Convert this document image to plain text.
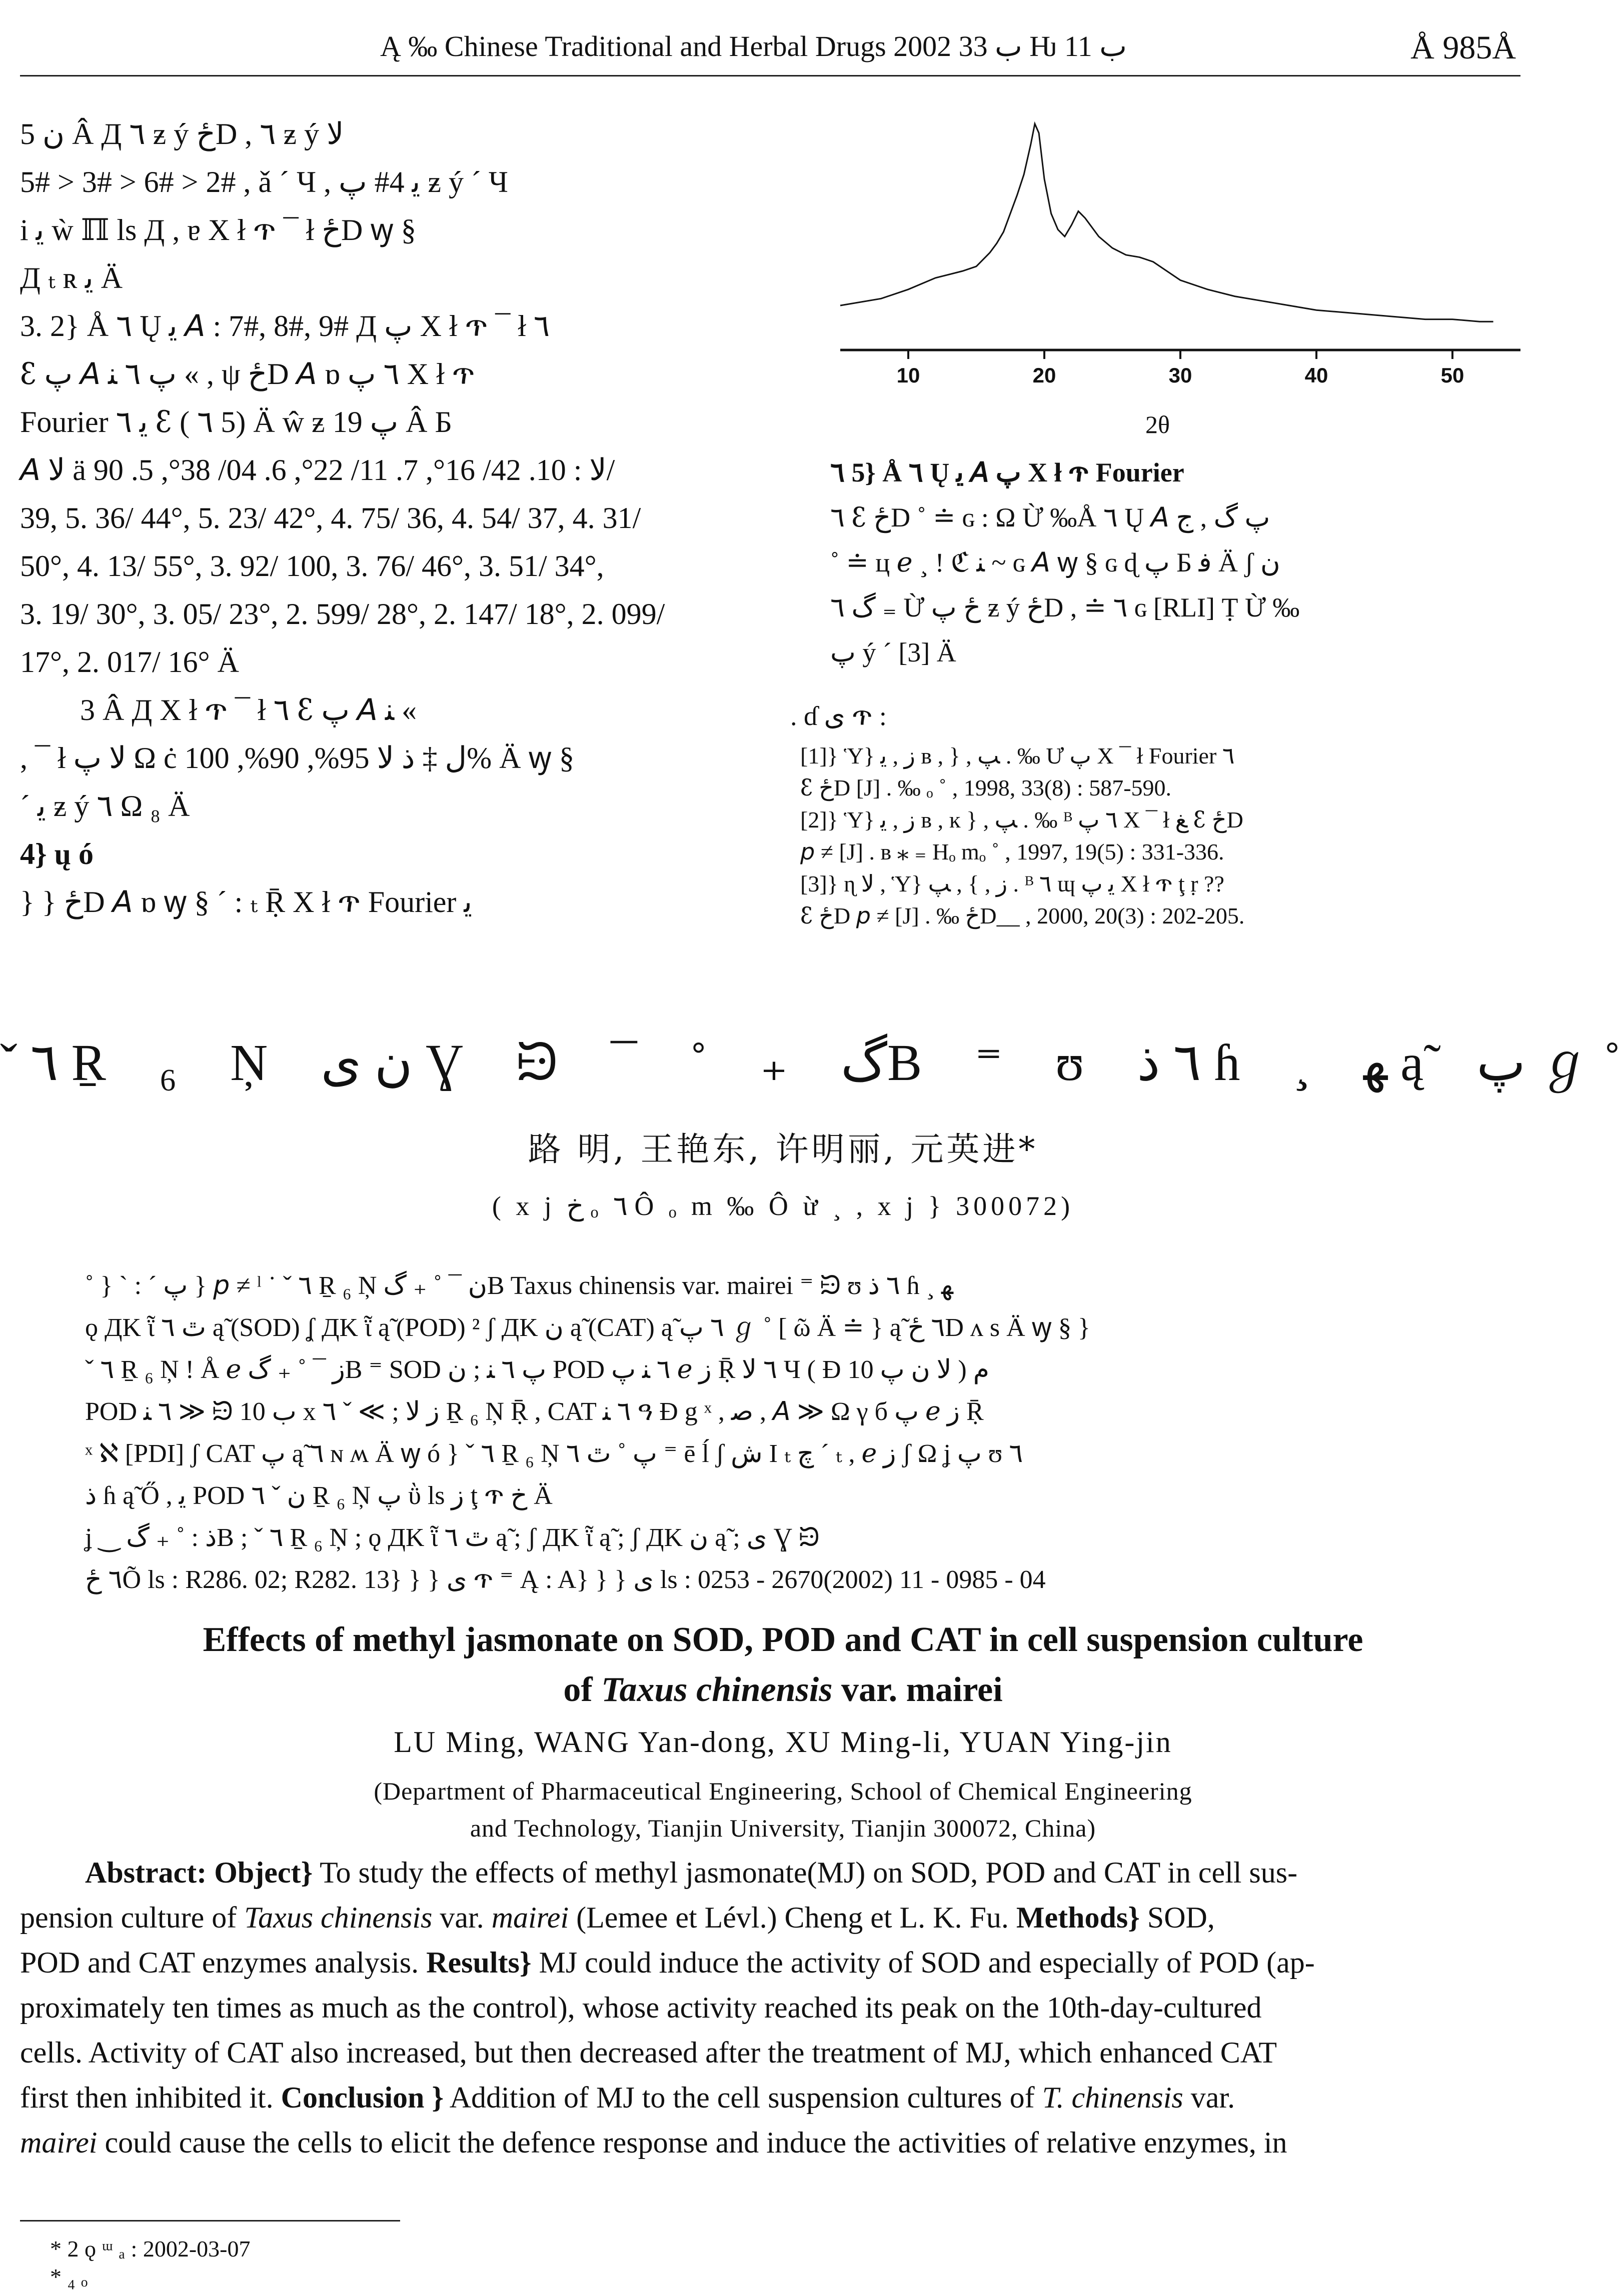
Ą ‰ Chinese Traditional and Herbal Drugs 2002 ب 33 Ƕ ب 11	Å 985Å

ن 5 Â Д ٦ ƶ ý ځD , ٦ ƶ ý ﻻ

5# > 3# > 6# > 2# , ǎ ´ Ч , ﯾ 4# ﭖ ƶ ý ´ Ч

i ﯾ ẁ ℿ ls Д , ɐ X ł ጥ ¯ ł ځD ꝡ §

Д ₜ ʀ ﯾ Ä

3. 2} Å ٦ Ų ﯾ 𝘈 : 7#, 8#, 9# Д ﭖ X ł ጥ ¯ ł ٦

ꜫ ﭖ 𝘈 ﭖ ٦ ﻨ « , ψ ځD 𝘈 ɒ ٦ ﭖ X ł ጥ

Fourier ﯾ ٦ ꜫ ( ٦ 5) Ä ŵ ƶ ﭖ 19 Â Б

𝘈 ﻻ ä ﻻ : 10. 42/ 16°, 7. 11/ 22°, 6. 04/ 38°, 5. 90/

39, 5. 36/ 44°, 5. 23/ 42°, 4. 75/ 36, 4. 54/ 37, 4. 31/

50°, 4. 13/ 55°, 3. 92/ 100, 3. 76/ 46°, 3. 51/ 34°,

3. 19/ 30°, 3. 05/ 23°, 2. 599/ 28°, 2. 147/ 18°, 2. 099/

17°, 2. 017/ 16° Ä

3 Â Д X ł ጥ ¯ ł ٦ ꜫ ﭖ 𝘈 ﻨ «

, ¯ ł ﻻ ﭖ Ω ċ ل ‡ ﺫ ﻻ 95%, 90%, 100% Ä ꝡ §

´ ﯾ ƶ ý ٦ Ω ₈ Ä

4} ų ó

} } ځD 𝘈 ɒ ꝡ § ´ : ₜ Ṝ X ł ጥ Fourier ﯾ

10	20	30	40	50
2θ

٦ 5} Å ٦ Ų ﯾ 𝘈 ﭖ X ł ጥ Fourier

٦ ꜫ ځD ˚ ≐ ɢ : Ω Ừ ‰Å ٦ Ų 𝘈 ﭖ گ , ج

˚ ≐ ц ℯ ¸ ! ℭ ﻨ ~ ɢ 𝘈 ꝡ § ɢ ɖ ﭖ Б ﻓ Ä ʃ ن

گ ٦ ₌ Ừ ځ ﭖ ƶ ý ځD , ≐ ٦ ɢ [RLI] Ṭ Ừ ‰

ﭖ ý ´ [3] Ä

. ɗ ى ጥ :

[1]} Ὑ} ﺯ , ﯾ ʙ , } , ﭗ . ‰ Ư ﭖ X ¯ ł Fourier ٦

ꜫ ځD [J] . ‰ ₒ ˚ , 1998, 33(8) : 587-590.

[2]} Ὑ} ﺯ , ﯾ ʙ , ĸ } , ﭗ . ‰ ᴮ ٦ ﭖ X ¯ ł ﻎ ꜫ ځD

𝘱 ≠ [J] . ʙ ⁎ ₌ Hₒ mₒ ˚ , 1997, 19(5) : 331-336.

[3]} ɳ ﻻ , Ὑ} ﺯ , } , ﭗ . ᴮ ٦ ɰ ﯾ ﭖ X ł ጥ ţ ṛ ??

ꜫ ځD 𝘱 ≠ [J] . ‰ ځD__ , 2000, 20(3) : 202-205.

ˇ ٦ Ṟ ₆ Ņ ن ى Ɣ ᙌ ¯ ˚ ₊ گB ⁼ ʊ ٦ ﺫ ɦ ¸ ﻬ ą̃ ﭖ ℊ ˚
路 明, 王艳东, 许明丽, 元英进*
( x j خ ₒ ٦ Ô ₒ m ‰ Ô ừ ¸ , x j } 300072)

˚ } ` : ˊ ﭖ } 𝘱 ≠ ˡ ˙ ˇ ٦ Ṟ ₆ Ņ ن ¯ ˚ ₊ گB Taxus chinensis var. mairei ⁼ ᙌ ʊ ٦ ﺫ ɦ ¸ ﻬ

ǫ ДK ῗ ٿ ٦ ą̃ (SOD) ʆ ДK ῗ ą̃ (POD) ² ʃ ДK ن ą̃ (CAT) ą̃ ٦ ﭖ ℊ ˚ [ ῶ Ä ≐ } ą̃ ٦ ځD ʌ s Ä ꝡ § }

ˇ ٦ Ṟ ₆ Ņ ! Å ℯ ﺯ ¯ ˚ ₊ گB ⁼ SOD ﭖ ٦ ﻨ ; ن POD ٦ ﻨ ﭖ ℯ ﺯ Ṝ ٦ ﻻ Ч ( Ð ﻻ ن ﭖ 10 ) م

POD ٦ ﻨ ≫ ᙌ ب 10 x ﺯ ﻻ ; ≫ ˇ ٦ Ṟ ₆ Ņ Ṝ , CAT ٦ ﻨ ዓ Ɖ g ˣ , ﺻ , 𝘈 ≫ Ω γ б ﭖ ℯ ﺯ Ṝ

ˣ ℵ [PDI] ʃ CAT ﭖ ą̃ ٦ ɴ ʍ Ä ꝡ ó } ˇ ٦ Ṟ ₆ Ņ ﭖ ˚ ٿ ٦ ⁼ ē ĺ ʃ ﺵ I ₜ چ ´ ₜ , ℯ ﺯ ʃ Ω ʝ ﭖ ʊ ٦

ﺫ ɦ ą̃ Ő , ﯾ POD ن ˇ ٦ Ṟ ₆ Ņ ﭖ ῢ ls ﺯ ţ ጥ خ Ä

ʝ ‿ ﺫ : ˚ ₊ گB ; ˇ ٦ Ṟ ₆ Ņ ; ǫ ДK ῗ ٿ ٦ ą̃ ; ʃ ДK ῗ ą̃ ; ʃ ДK ن ą̃ ; ى Ɣ ᙌ

٦ ځÕ ls : R286. 02; R282. 13} } } ى ጥ ⁼ Ą : A} } } ى ls : 0253 - 2670(2002) 11 - 0985 - 04

Effects of methyl jasmonate on SOD, POD and CAT in cell suspension culture
of Taxus chinensis var. mairei
LU Ming, WANG Yan-dong, XU Ming-li, YUAN Ying-jin
(Department of Pharmaceutical Engineering, School of Chemical Engineering
and Technology, Tianjin University, Tianjin 300072, China)

Abstract: Object} To study the effects of methyl jasmonate(MJ) on SOD, POD and CAT in cell sus-

pension culture of Taxus chinensis var. mairei (Lemee et Lévl.) Cheng et L. K. Fu. Methods} SOD,

POD and CAT enzymes analysis. Results} MJ could induce the activity of SOD and especially of POD (ap-

proximately ten times as much as the control), whose activity reached its peak on the 10th-day-cultured

cells. Activity of CAT also increased, but then decreased after the treatment of MJ, which enhanced CAT

first then inhibited it. Conclusion } Addition of MJ to the cell suspension cultures of T. chinensis var.

mairei could cause the cells to elicit the defence response and induce the activities of relative enzymes, in

* 2 ǫ ᵚ ₐ : 2002-03-07

* ₄ ₒ
